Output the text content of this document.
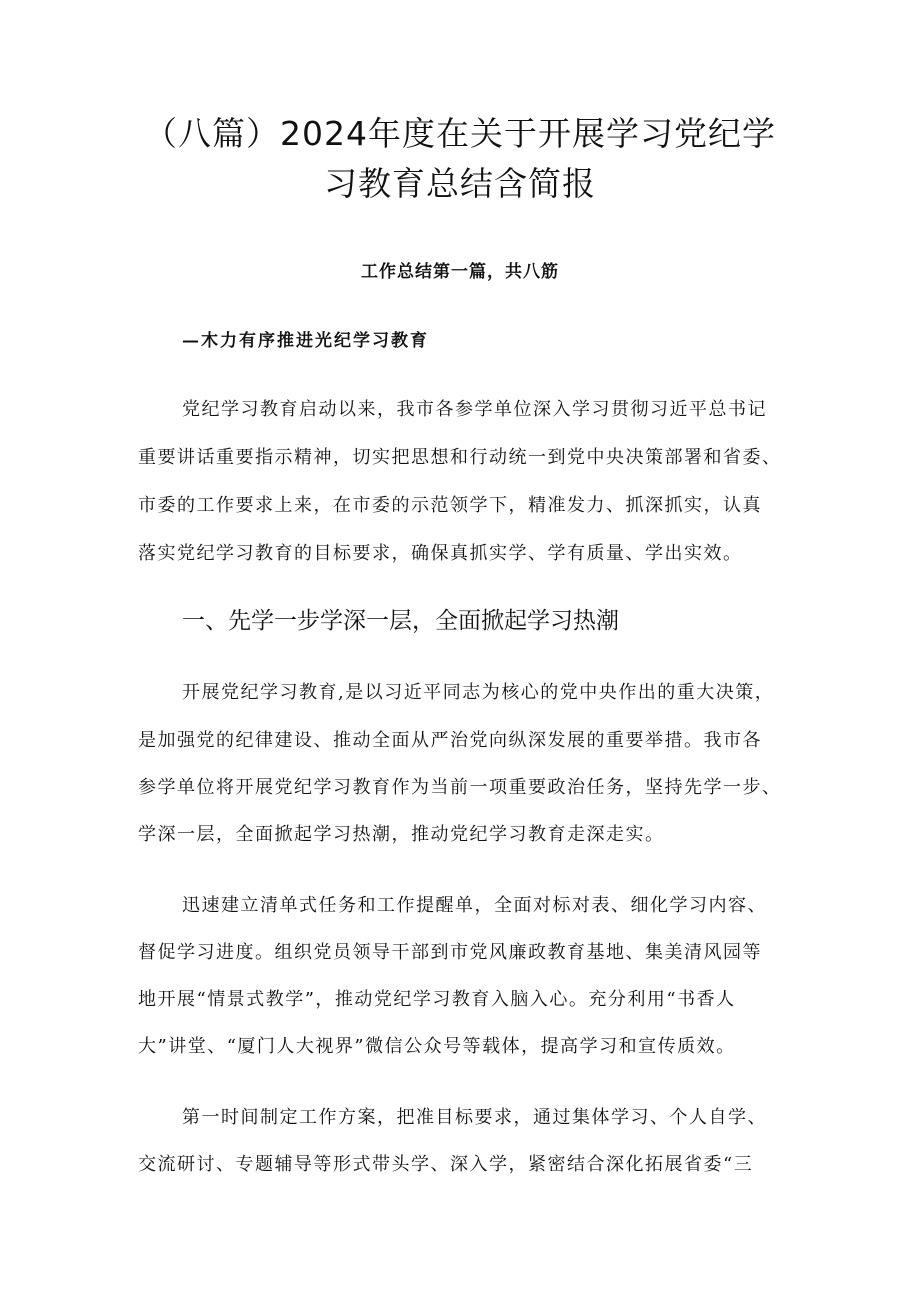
（八篇）2024年度在关于开展学习党纪学
习教育总结含简报
工作总结第一篇，共八筋
—木力有序推进光纪学习教育
党纪学习教育启动以来，我市各参学单位深入学习贯彻习近平总书记
重要讲话重要指示精神，切实把思想和行动统一到党中央决策部署和省委、
市委的工作要求上来，在市委的示范领学下，精准发力、抓深抓实，认真
落实党纪学习教育的目标要求，确保真抓实学、学有质量、学出实效。
一、先学一步学深一层，全面掀起学习热潮
开展党纪学习教育,是以习近平同志为核心的党中央作出的重大决策，
是加强党的纪律建设、推动全面从严治党向纵深发展的重要举措。我市各
参学单位将开展党纪学习教育作为当前一项重要政治任务，坚持先学一步、
学深一层，全面掀起学习热潮，推动党纪学习教育走深走实。
迅速建立清单式任务和工作提醒单，全面对标对表、细化学习内容、
督促学习进度。组织党员领导干部到市党风廉政教育基地、集美清风园等
地开展“情景式教学”，推动党纪学习教育入脑入心。充分利用“书香人
大”讲堂、“厦门人大视界”微信公众号等载体，提高学习和宣传质效。
第一时间制定工作方案，把准目标要求，通过集体学习、个人自学、
交流研讨、专题辅导等形式带头学、深入学，紧密结合深化拓展省委“三
